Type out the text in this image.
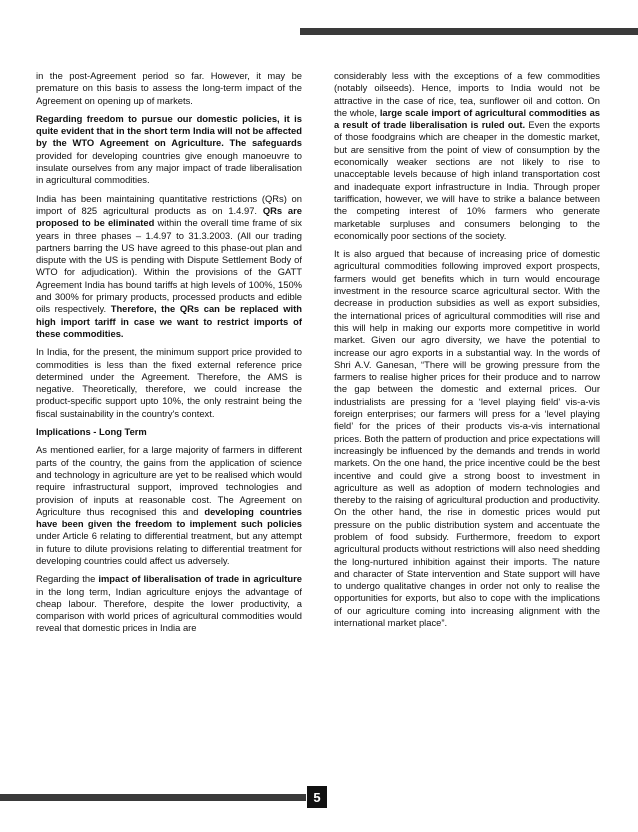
in the post-Agreement period so far. However, it may be premature on this basis to assess the long-term impact of the Agreement on opening up of markets.

Regarding freedom to pursue our domestic policies, it is quite evident that in the short term India will not be affected by the WTO Agreement on Agriculture. The safeguards provided for developing countries give enough manoeuvre to insulate ourselves from any major impact of trade liberalisation in agricultural commodities.

India has been maintaining quantitative restrictions (QRs) on import of 825 agricultural products as on 1.4.97. QRs are proposed to be eliminated within the overall time frame of six years in three phases – 1.4.97 to 31.3.2003. (All our trading partners barring the US have agreed to this phase-out plan and dispute with the US is pending with Dispute Settlement Body of WTO for adjudication). Within the provisions of the GATT Agreement India has bound tariffs at high levels of 100%, 150% and 300% for primary products, processed products and edible oils respectively. Therefore, the QRs can be replaced with high import tariff in case we want to restrict imports of these commodities.

In India, for the present, the minimum support price provided to commodities is less than the fixed external reference price determined under the Agreement. Therefore, the AMS is negative. Theoretically, therefore, we could increase the product-specific support upto 10%, the only restraint being the fiscal sustainability in the country's context.

Implications - Long Term

As mentioned earlier, for a large majority of farmers in different parts of the country, the gains from the application of science and technology in agriculture are yet to be realised which would require infrastructural support, improved technologies and provision of inputs at reasonable cost. The Agreement on Agriculture thus recognised this and developing countries have been given the freedom to implement such policies under Article 6 relating to differential treatment, but any attempt in future to dilute provisions relating to differential treatment for developing countries could affect us adversely.

Regarding the impact of liberalisation of trade in agriculture in the long term, Indian agriculture enjoys the advantage of cheap labour. Therefore, despite the lower productivity, a comparison with world prices of agricultural commodities would reveal that domestic prices in India are

considerably less with the exceptions of a few commodities (notably oilseeds). Hence, imports to India would not be attractive in the case of rice, tea, sunflower oil and cotton. On the whole, large scale import of agricultural commodities as a result of trade liberalisation is ruled out. Even the exports of those foodgrains which are cheaper in the domestic market, but are sensitive from the point of view of consumption by the economically weaker sections are not likely to rise to unacceptable levels because of high inland transportation cost and inadequate export infrastructure in India. Through proper tariffication, however, we will have to strike a balance between the competing interest of 10% farmers who generate marketable surpluses and consumers belonging to the economically poor sections of the society.

It is also argued that because of increasing price of domestic agricultural commodities following improved export prospects, farmers would get benefits which in turn would encourage investment in the resource scarce agricultural sector. With the decrease in production subsidies as well as export subsidies, the international prices of agricultural commodities will rise and this will help in making our exports more competitive in world market. Given our agro diversity, we have the potential to increase our agro exports in a substantial way. In the words of Shri A.V. Ganesan, “There will be growing pressure from the farmers to realise higher prices for their produce and to narrow the gap between the domestic and external prices. Our industrialists are pressing for a ‘level playing field’ vis-a-vis foreign enterprises; our farmers will press for a ‘level playing field’ for the prices of their products vis-a-vis international prices. Both the pattern of production and price expectations will increasingly be influenced by the demands and trends in world markets. On the one hand, the price incentive could be the best incentive and could give a strong boost to investment in agriculture as well as adoption of modern technologies and thereby to the raising of agricultural production and productivity. On the other hand, the rise in domestic prices would put pressure on the public distribution system and accentuate the problem of food subsidy. Furthermore, freedom to export agricultural products without restrictions will also need shedding the long-nurtured inhibition against their imports. The nature and character of State intervention and State support will have to undergo qualitative changes in order not only to realise the opportunities for exports, but also to cope with the implications of our agriculture coming into increasing alignment with the international market place”.

5
